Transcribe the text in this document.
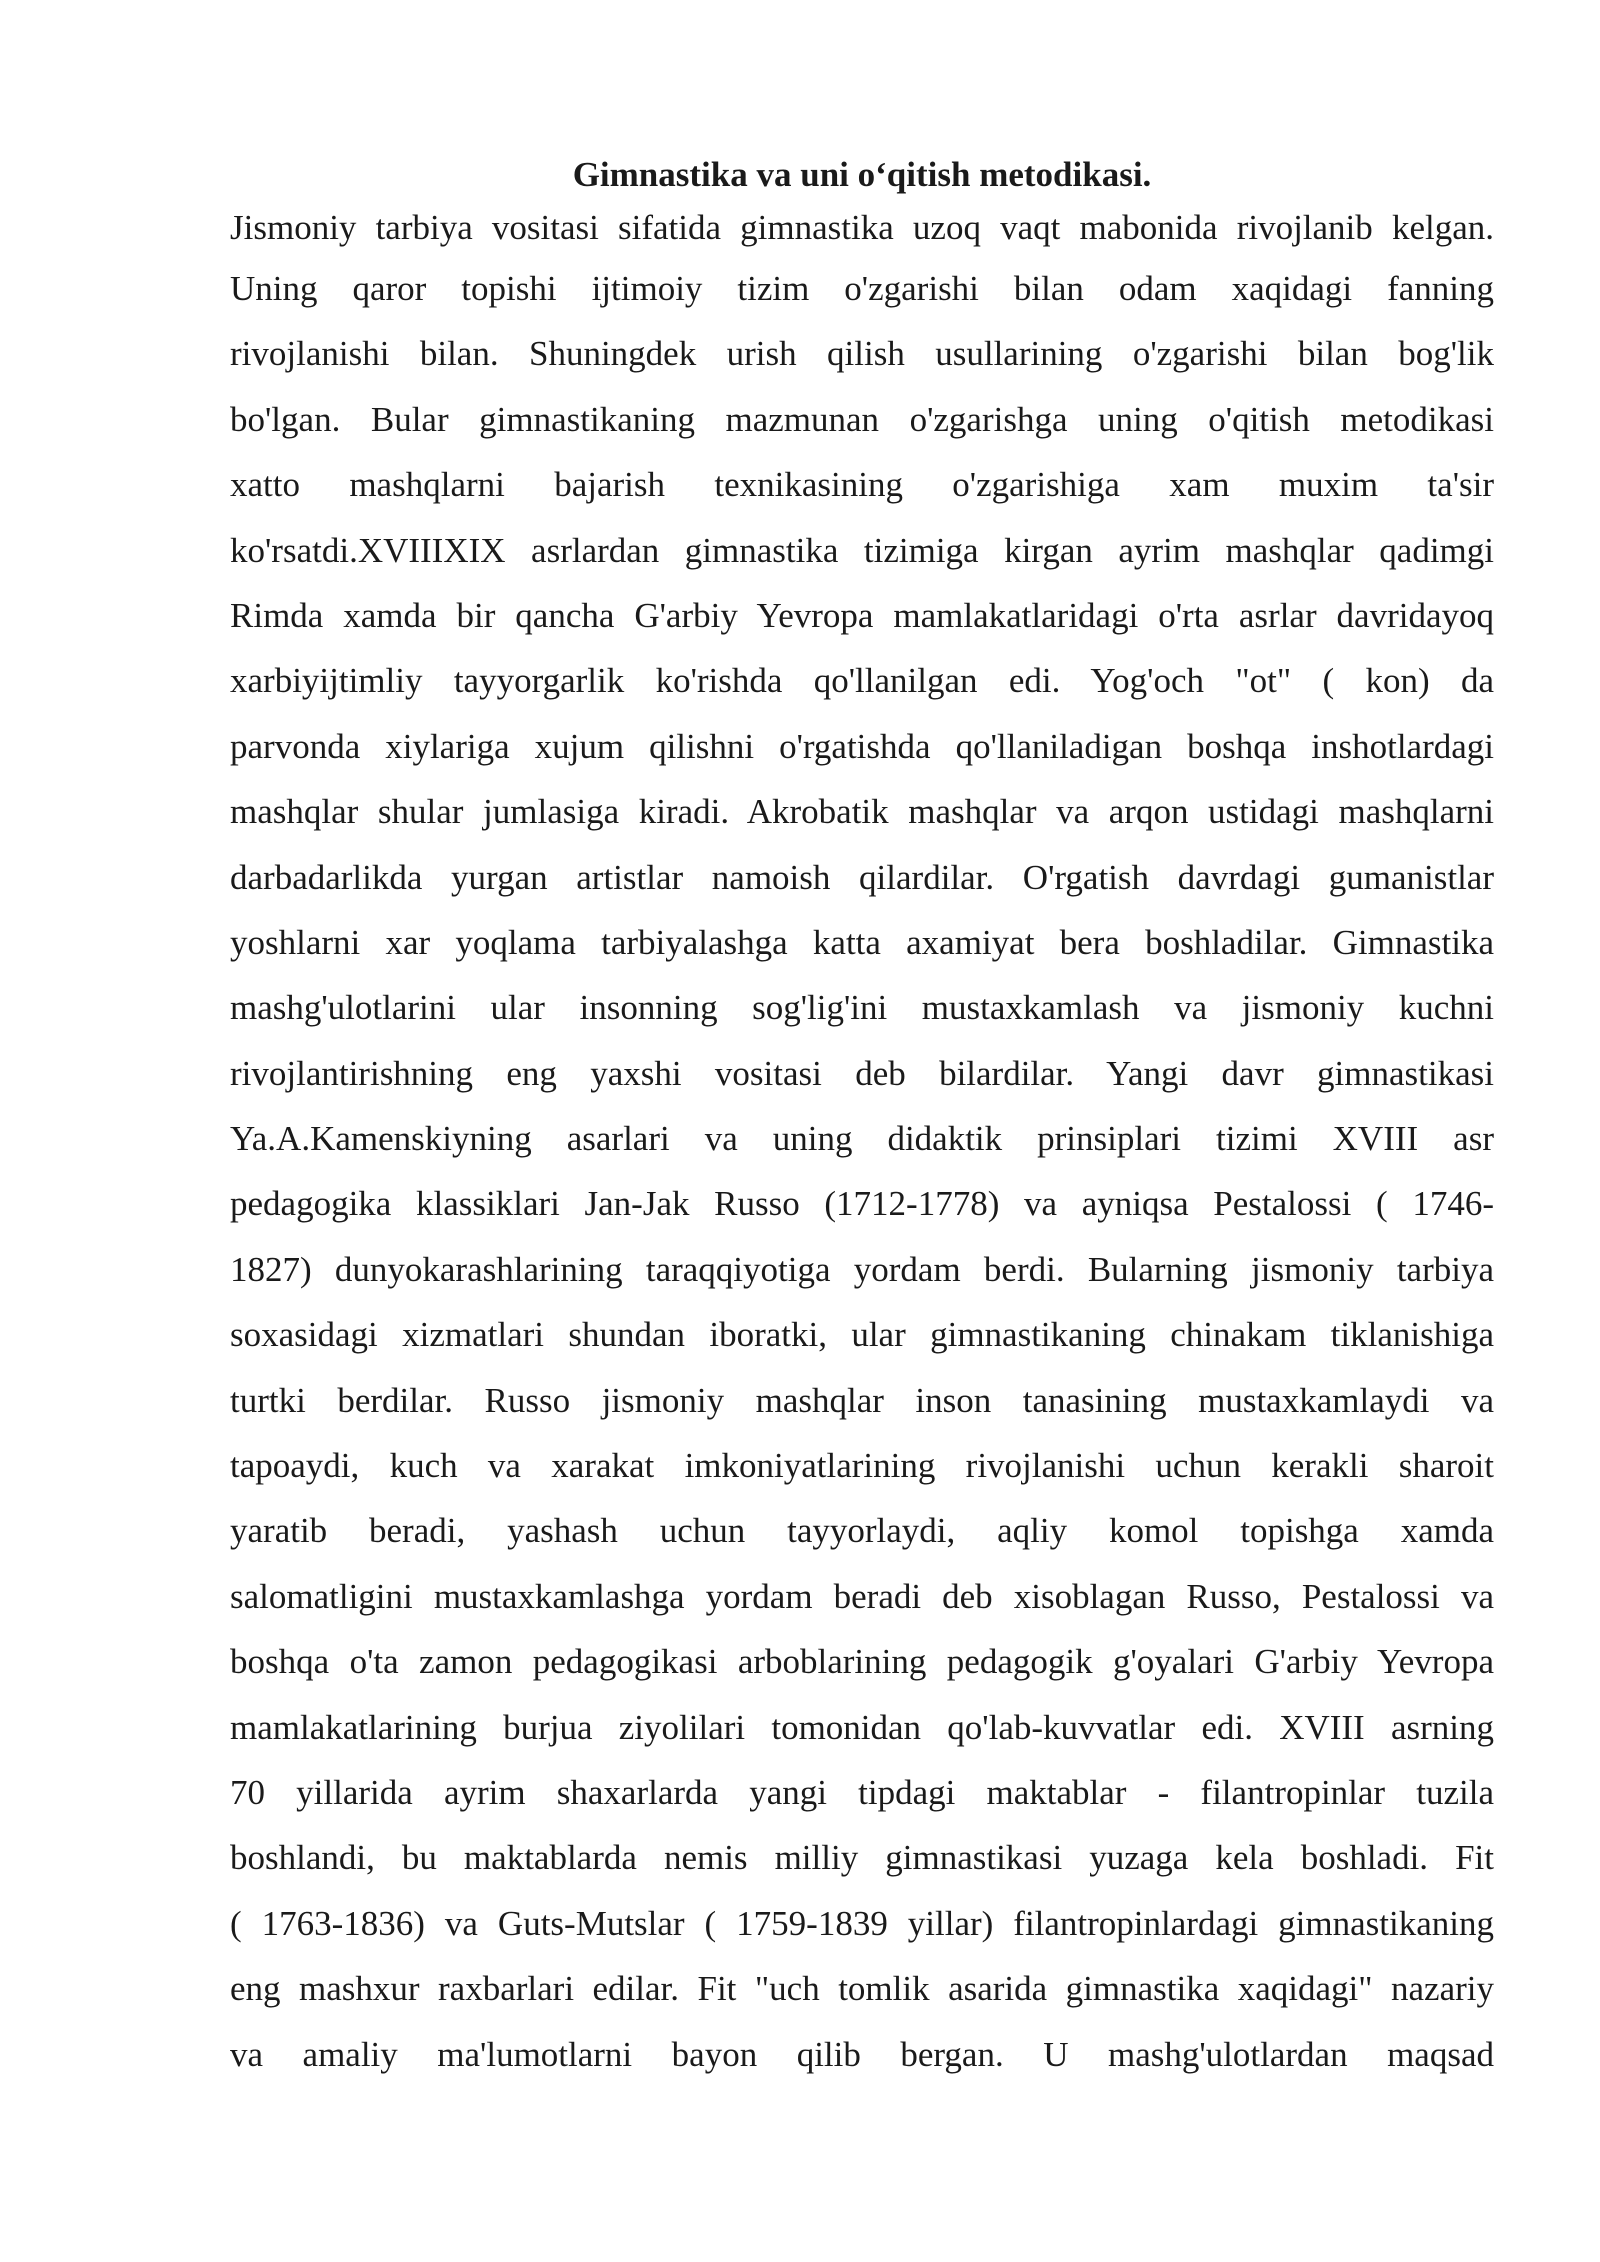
Gimnastika va uni o‘qitish metodikasi.
Jismoniy tarbiya vositasi sifatida gimnastika uzoq vaqt mabonida rivojlanib kelgan.
Uning qaror topishi ijtimoiy tizim o'zgarishi bilan odam xaqidagi fanning
rivojlanishi bilan. Shuningdek urish qilish usullarining o'zgarishi bilan bog'lik
bo'lgan. Bular gimnastikaning mazmunan o'zgarishga uning o'qitish metodikasi
xatto mashqlarni bajarish texnikasining o'zgarishiga xam muxim ta'sir
ko'rsatdi.XVIIIXIX asrlardan gimnastika tizimiga kirgan ayrim mashqlar qadimgi
Rimda xamda bir qancha G'arbiy Yevropa mamlakatlaridagi o'rta asrlar davridayoq
xarbiyijtimliy tayyorgarlik ko'rishda qo'llanilgan edi. Yog'och "ot" ( kon) da
parvonda xiylariga xujum qilishni o'rgatishda qo'llaniladigan boshqa inshotlardagi
mashqlar shular jumlasiga kiradi. Akrobatik mashqlar va arqon ustidagi mashqlarni
darbadarlikda yurgan artistlar namoish qilardilar. O'rgatish davrdagi gumanistlar
yoshlarni xar yoqlama tarbiyalashga katta axamiyat bera boshladilar. Gimnastika
mashg'ulotlarini ular insonning sog'lig'ini mustaxkamlash va jismoniy kuchni
rivojlantirishning eng yaxshi vositasi deb bilardilar. Yangi davr gimnastikasi
Ya.A.Kamenskiyning asarlari va uning didaktik prinsiplari tizimi XVIII asr
pedagogika klassiklari Jan-Jak Russo (1712-1778) va ayniqsa Pestalossi ( 1746-
1827) dunyokarashlarining taraqqiyotiga yordam berdi. Bularning jismoniy tarbiya
soxasidagi xizmatlari shundan iboratki, ular gimnastikaning chinakam tiklanishiga
turtki berdilar. Russo jismoniy mashqlar inson tanasining mustaxkamlaydi va
tapoaydi, kuch va xarakat imkoniyatlarining rivojlanishi uchun kerakli sharoit
yaratib beradi, yashash uchun tayyorlaydi, aqliy komol topishga xamda
salomatligini mustaxkamlashga yordam beradi deb xisoblagan Russo, Pestalossi va
boshqa o'ta zamon pedagogikasi arboblarining pedagogik g'oyalari G'arbiy Yevropa
mamlakatlarining burjua ziyolilari tomonidan qo'lab-kuvvatlar edi. XVIII asrning
70 yillarida ayrim shaxarlarda yangi tipdagi maktablar - filantropinlar tuzila
boshlandi, bu maktablarda nemis milliy gimnastikasi yuzaga kela boshladi. Fit
( 1763-1836) va Guts-Mutslar ( 1759-1839 yillar) filantropinlardagi gimnastikaning
eng mashxur raxbarlari edilar. Fit "uch tomlik asarida gimnastika xaqidagi" nazariy
va amaliy ma'lumotlarni bayon qilib bergan. U mashg'ulotlardan maqsad
